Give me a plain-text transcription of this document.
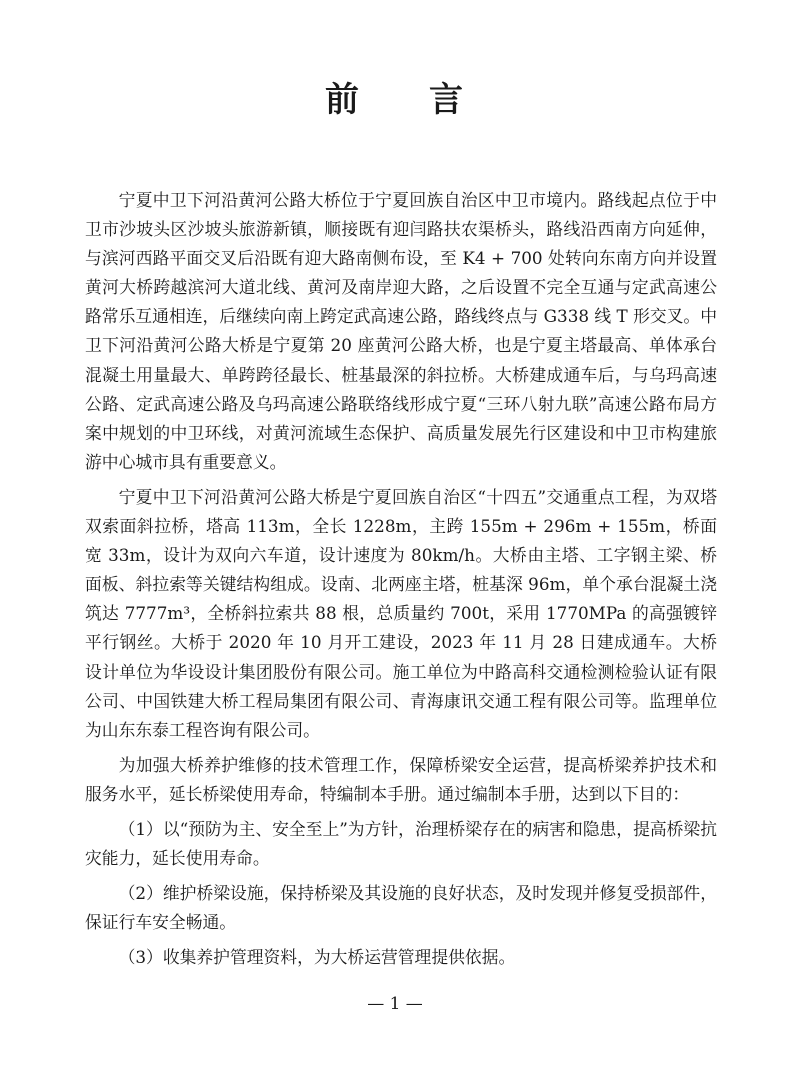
前 言

宁夏中卫下河沿黄河公路大桥位于宁夏回族自治区中卫市境内。路线起点位于中卫市沙坡头区沙坡头旅游新镇，顺接既有迎闫路扶农渠桥头，路线沿西南方向延伸，与滨河西路平面交叉后沿既有迎大路南侧布设，至 K4 + 700 处转向东南方向并设置黄河大桥跨越滨河大道北线、黄河及南岸迎大路，之后设置不完全互通与定武高速公路常乐互通相连，后继续向南上跨定武高速公路，路线终点与 G338 线 T 形交叉。中卫下河沿黄河公路大桥是宁夏第 20 座黄河公路大桥，也是宁夏主塔最高、单体承台混凝土用量最大、单跨跨径最长、桩基最深的斜拉桥。大桥建成通车后，与乌玛高速公路、定武高速公路及乌玛高速公路联络线形成宁夏“三环八射九联”高速公路布局方案中规划的中卫环线，对黄河流域生态保护、高质量发展先行区建设和中卫市构建旅游中心城市具有重要意义。

宁夏中卫下河沿黄河公路大桥是宁夏回族自治区“十四五”交通重点工程，为双塔双索面斜拉桥，塔高 113m，全长 1228m，主跨 155m + 296m + 155m，桥面宽 33m，设计为双向六车道，设计速度为 80km/h。大桥由主塔、工字钢主梁、桥面板、斜拉索等关键结构组成。设南、北两座主塔，桩基深 96m，单个承台混凝土浇筑达 7777m³，全桥斜拉索共 88 根，总质量约 700t，采用 1770MPa 的高强镀锌平行钢丝。大桥于 2020 年 10 月开工建设，2023 年 11 月 28 日建成通车。大桥设计单位为华设设计集团股份有限公司。施工单位为中路高科交通检测检验认证有限公司、中国铁建大桥工程局集团有限公司、青海康讯交通工程有限公司等。监理单位为山东东泰工程咨询有限公司。

为加强大桥养护维修的技术管理工作，保障桥梁安全运营，提高桥梁养护技术和服务水平，延长桥梁使用寿命，特编制本手册。通过编制本手册，达到以下目的：

（1）以“预防为主、安全至上”为方针，治理桥梁存在的病害和隐患，提高桥梁抗灾能力，延长使用寿命。

（2）维护桥梁设施，保持桥梁及其设施的良好状态，及时发现并修复受损部件，保证行车安全畅通。

（3）收集养护管理资料，为大桥运营管理提供依据。

— 1 —
